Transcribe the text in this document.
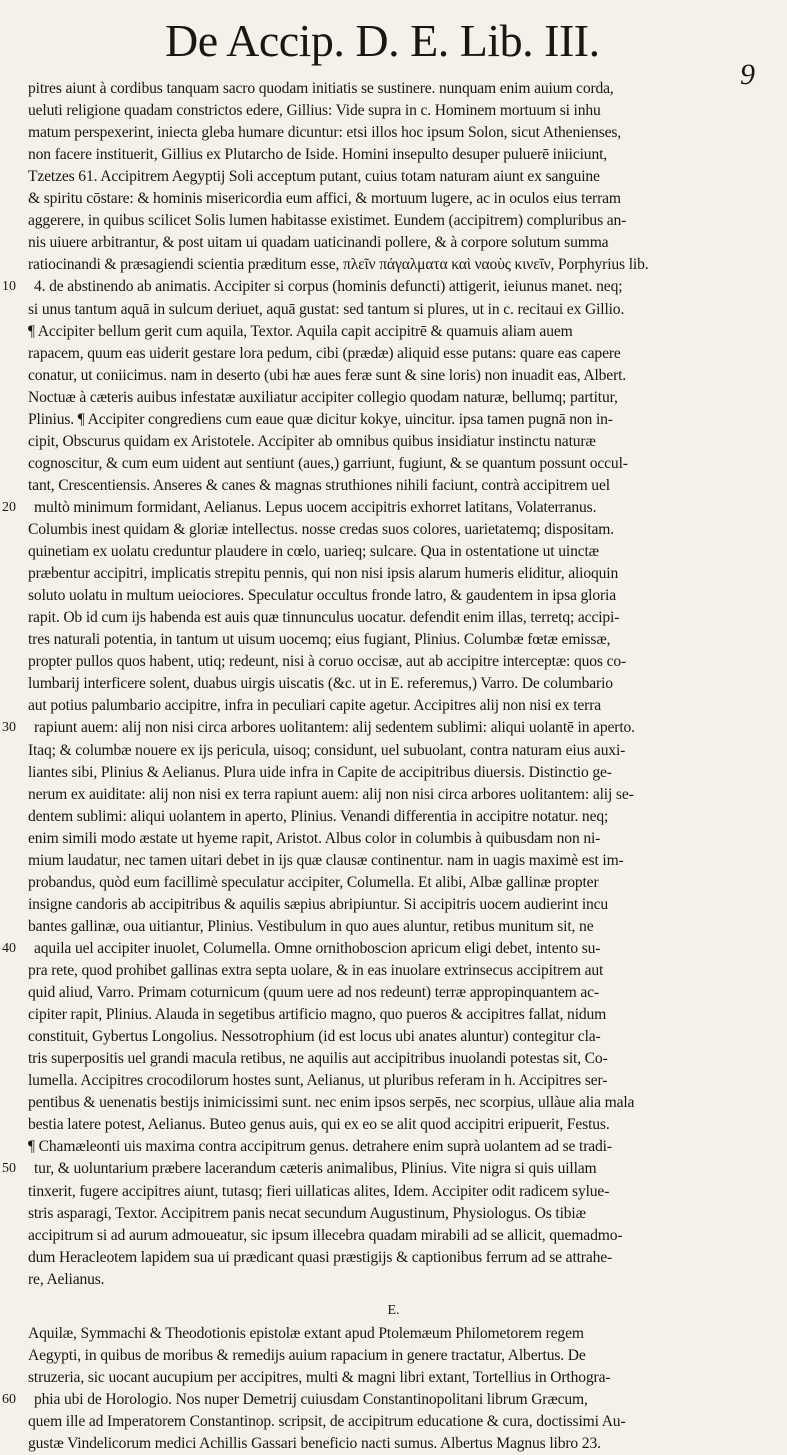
De Accip. D. E. Lib. III.
9
pitres aiunt à cordibus tanquam sacro quodam initiatis se sustinere. nunquam enim auium corda,
ueluti religione quadam constrictos edere, Gillius: Vide supra in c. Hominem mortuum si inhu
matum perspexerint, iniecta gleba humare dicuntur: etsi illos hoc ipsum Solon, sicut Athenienses,
non facere instituerit, Gillius ex Plutarcho de Iside. Homini insepulto desuper puluerē iniiciunt,
Tzetzes 61. Accipitrem Aegyptij Soli acceptum putant, cuius totam naturam aiunt ex sanguine
& spiritu cōstare: & hominis misericordia eum affici, & mortuum lugere, ac in oculos eius terram
aggerere, in quibus scilicet Solis lumen habitasse existimet. Eundem (accipitrem) compluribus an-
nis uiuere arbitrantur, & post uitam ui quadam uaticinandi pollere, & à corpore solutum summa
ratiocinandi & præsagiendi scientia præditum esse, πλεῖν πάγαλματα καὶ ναοὺς κινεῖν, Porphyrius lib.
4. de abstinendo ab animatis. Accipiter si corpus (hominis defuncti) attigerit, ieiunus manet. neq;
si unus tantum aquā in sulcum deriuet, aquā gustat: sed tantum si plures, ut in c. recitaui ex Gillio.
¶ Accipiter bellum gerit cum aquila, Textor. Aquila capit accipitrē & quamuis aliam auem
rapacem, quum eas uiderit gestare lora pedum, cibi (prædæ) aliquid esse putans: quare eas capere
conatur, ut coniicimus. nam in deserto (ubi hæ aues feræ sunt & sine loris) non inuadit eas, Albert.
Noctuæ à cæteris auibus infestatæ auxiliatur accipiter collegio quodam naturæ, bellumq; partitur,
Plinius. ¶ Accipiter congrediens cum eaue quæ dicitur kokye, uincitur. ipsa tamen pugnā non in-
cipit, Obscurus quidam ex Aristotele. Accipiter ab omnibus quibus insidiatur instinctu naturæ
cognoscitur, & cum eum uident aut sentiunt (aues,) garriunt, fugiunt, & se quantum possunt occul-
tant, Crescentiensis. Anseres & canes & magnas struthiones nihili faciunt, contrà accipitrem uel
multò minimum formidant, Aelianus. Lepus uocem accipitris exhorret latitans, Volaterranus.
Columbis inest quidam & gloriæ intellectus. nosse credas suos colores, uarietatemq; dispositam.
quinetiam ex uolatu creduntur plaudere in cœlo, uarieq; sulcare. Qua in ostentatione ut uinctæ
præbentur accipitri, implicatis strepitu pennis, qui non nisi ipsis alarum humeris eliditur, alioquin
soluto uolatu in multum ueiociores. Speculatur occultus fronde latro, & gaudentem in ipsa gloria
rapit. Ob id cum ijs habenda est auis quæ tinnunculus uocatur. defendit enim illas, terretq; accipi-
tres naturali potentia, in tantum ut uisum uocemq; eius fugiant, Plinius. Columbæ fœtæ emissæ,
propter pullos quos habent, utiq; redeunt, nisi à coruo occisæ, aut ab accipitre interceptæ: quos co-
lumbarij interficere solent, duabus uirgis uiscatis (&c. ut in E. referemus,) Varro. De columbario
aut potius palumbario accipitre, infra in peculiari capite agetur. Accipitres alij non nisi ex terra
rapiunt auem: alij non nisi circa arbores uolitantem: alij sedentem sublimi: aliqui uolantē in aperto.
Itaq; & columbæ nouere ex ijs pericula, uisoq; considunt, uel subuolant, contra naturam eius auxi-
liantes sibi, Plinius & Aelianus. Plura uide infra in Capite de accipitribus diuersis. Distinctio ge-
nerum ex auiditate: alij non nisi ex terra rapiunt auem: alij non nisi circa arbores uolitantem: alij se-
dentem sublimi: aliqui uolantem in aperto, Plinius. Venandi differentia in accipitre notatur. neq;
enim simili modo æstate ut hyeme rapit, Aristot. Albus color in columbis à quibusdam non ni-
mium laudatur, nec tamen uitari debet in ijs quæ clausæ continentur. nam in uagis maximè est im-
probandus, quòd eum facillimè speculatur accipiter, Columella. Et alibi, Albæ gallinæ propter
insigne candoris ab accipitribus & aquilis sæpius abripiuntur. Si accipitris uocem audierint incu
bantes gallinæ, oua uitiantur, Plinius. Vestibulum in quo aues aluntur, retibus munitum sit, ne
aquila uel accipiter inuolet, Columella. Omne ornithoboscion apricum eligi debet, intento su-
pra rete, quod prohibet gallinas extra septa uolare, & in eas inuolare extrinsecus accipitrem aut
quid aliud, Varro. Primam coturnicum (quum uere ad nos redeunt) terræ appropinquantem ac-
cipiter rapit, Plinius. Alauda in segetibus artificio magno, quo pueros & accipitres fallat, nidum
constituit, Gybertus Longolius. Nessotrophium (id est locus ubi anates aluntur) contegitur cla-
tris superpositis uel grandi macula retibus, ne aquilis aut accipitribus inuolandi potestas sit, Co-
lumella. Accipitres crocodilorum hostes sunt, Aelianus, ut pluribus referam in h. Accipitres ser-
pentibus & uenenatis bestijs inimicissimi sunt. nec enim ipsos serpēs, nec scorpius, ullàue alia mala
bestia latere potest, Aelianus. Buteo genus auis, qui ex eo se alit quod accipitri eripuerit, Festus.
¶ Chamæleonti uis maxima contra accipitrum genus. detrahere enim suprà uolantem ad se tradi-
tur, & uoluntarium præbere lacerandum cæteris animalibus, Plinius. Vite nigra si quis uillam
tinxerit, fugere accipitres aiunt, tutasq; fieri uillaticas alites, Idem. Accipiter odit radicem sylue-
stris asparagi, Textor. Accipitrem panis necat secundum Augustinum, Physiologus. Os tibiæ
accipitrum si ad aurum admoueatur, sic ipsum illecebra quadam mirabili ad se allicit, quemadmo-
dum Heracleotem lapidem sua ui prædicant quasi præstigijs & captionibus ferrum ad se attrahe-
re, Aelianus.
10
20
30
40
50
E.
Aquilæ, Symmachi & Theodotionis epistolæ extant apud Ptolemæum Philometorem regem
Aegypti, in quibus de moribus & remedijs auium rapacium in genere tractatur, Albertus. De
struzeria, sic uocant aucupium per accipitres, multi & magni libri extant, Tortellius in Orthogra-
phia ubi de Horologio. Nos nuper Demetrij cuiusdam Constantinopolitani librum Græcum,
quem ille ad Imperatorem Constantinop. scripsit, de accipitrum educatione & cura, doctissimi Au-
gustæ Vindelicorum medici Achillis Gassari beneficio nacti sumus. Albertus Magnus libro 23.
60
